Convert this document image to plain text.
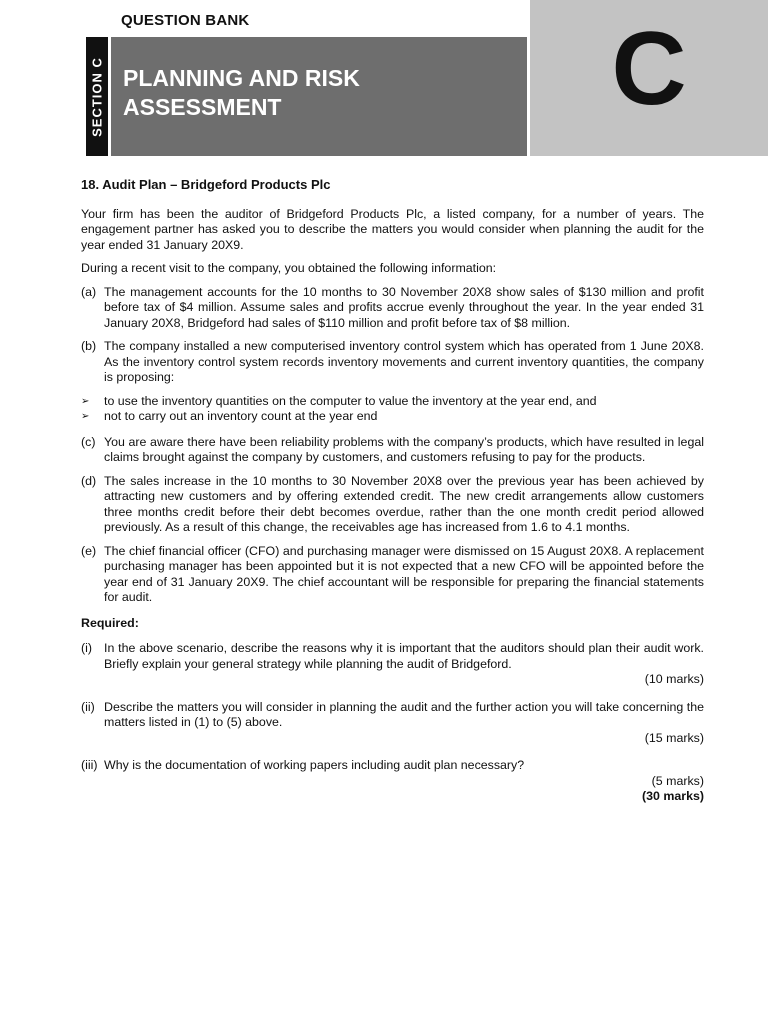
QUESTION BANK
SECTION C PLANNING AND RISK
ASSESSMENT	C
18. Audit Plan – Bridgeford Products Plc
Your firm has been the auditor of Bridgeford Products Plc, a listed company, for a number of years. The engagement partner has asked you to describe the matters you would consider when planning the audit for the year ended 31 January 20X9.
During a recent visit to the company, you obtained the following information:
(a) The management accounts for the 10 months to 30 November 20X8 show sales of $130 million and profit before tax of $4 million. Assume sales and profits accrue evenly throughout the year. In the year ended 31 January 20X8, Bridgeford had sales of $110 million and profit before tax of $8 million.
(b) The company installed a new computerised inventory control system which has operated from 1 June 20X8. As the inventory control system records inventory movements and current inventory quantities, the company is proposing:
➢	to use the inventory quantities on the computer to value the inventory at the year end, and
➢	not to carry out an inventory count at the year end
(c) You are aware there have been reliability problems with the company’s products, which have resulted in legal claims brought against the company by customers, and customers refusing to pay for the products.
(d) The sales increase in the 10 months to 30 November 20X8 over the previous year has been achieved by attracting new customers and by offering extended credit. The new credit arrangements allow customers three months credit before their debt becomes overdue, rather than the one month credit period allowed previously. As a result of this change, the receivables age has increased from 1.6 to 4.1 months.
(e) The chief financial officer (CFO) and purchasing manager were dismissed on 15 August 20X8. A replacement purchasing manager has been appointed but it is not expected that a new CFO will be appointed before the year end of 31 January 20X9. The chief accountant will be responsible for preparing the financial statements for audit.
Required:
(i) In the above scenario, describe the reasons why it is important that the auditors should plan their audit work. Briefly explain your general strategy while planning the audit of Bridgeford.
(10 marks)
(ii) Describe the matters you will consider in planning the audit and the further action you will take concerning the matters listed in (1) to (5) above.
(15 marks)
(iii) Why is the documentation of working papers including audit plan necessary?
(5 marks)
(30 marks)
